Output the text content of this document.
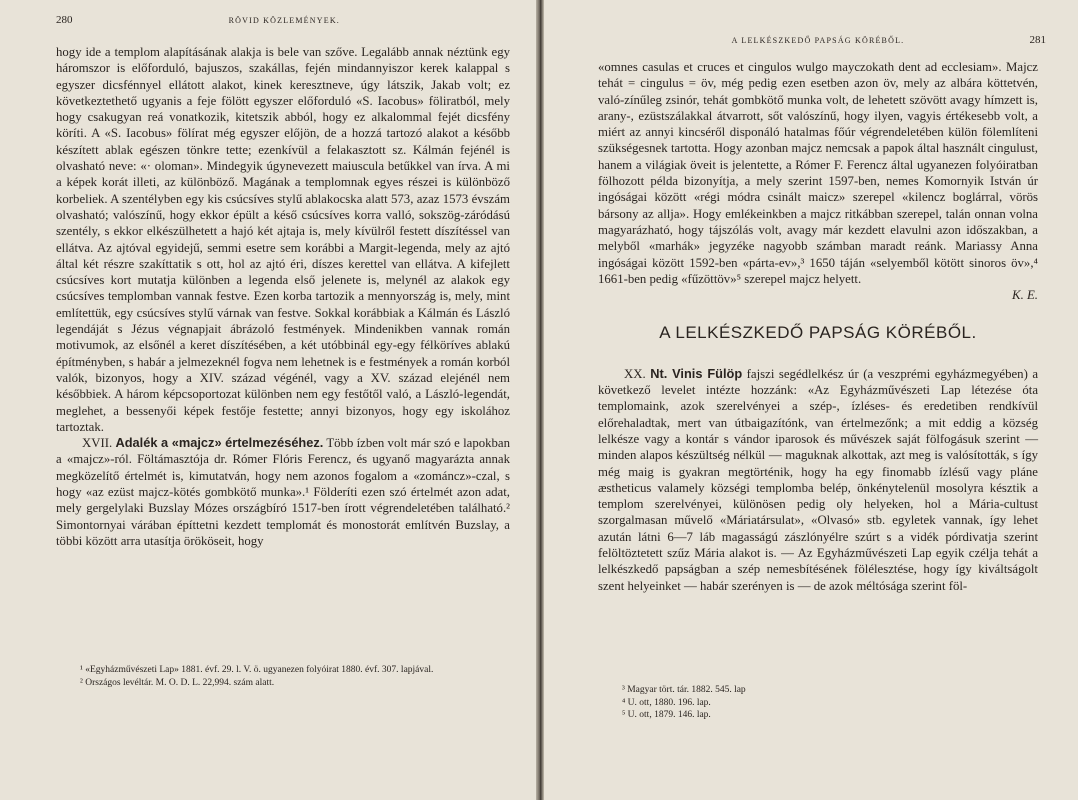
280	RÖVID KÖZLEMÉNYEK.

hogy ide a templom alapításának alakja is bele van szőve. Legalább annak néztünk egy háromszor is előforduló, bajuszos, szakállas, fején mindannyiszor kerek kalappal s egyszer dicsfénnyel ellátott alakot, kinek keresztneve, úgy látszik, Jakab volt; ez következtethető ugyanis a feje fölött egyszer előforduló «S. Iacobus» föliratból, mely hogy csakugyan reá vonatkozik, kitetszik abból, hogy ez alkalommal fejét dicsfény köríti. A «S. Iacobus» fölírat még egyszer előjön, de a hozzá tartozó alakot a később készített ablak egészen tönkre tette; ezenkívül a felakasztott sz. Kálmán fejénél is olvasható neve: «· oloman». Mindegyik úgynevezett maiuscula betűkkel van írva. A mi a képek korát illeti, az különböző. Magának a templomnak egyes részei is különböző korbeliek. A szentélyben egy kis csúcsíves stylű ablakocska alatt 573, azaz 1573 évszám olvasható; valószínű, hogy ekkor épült a késő csúcsíves korra valló, sokszög-záródású szentély, s ekkor elkészülhetett a hajó két ajtaja is, mely kívülről festett díszítéssel van ellátva. Az ajtóval egyidejű, semmi esetre sem korábbi a Margit-legenda, mely az ajtó által két részre szakíttatik s ott, hol az ajtó éri, díszes kerettel van ellátva. A kifejlett csúcsíves kort mutatja különben a legenda első jelenete is, melynél az alakok egy csúcsíves templomban vannak festve. Ezen korba tartozik a mennyország is, mely, mint említettük, egy csúcsíves stylű várnak van festve. Sokkal korábbiak a Kálmán és László legendáját s Jézus végnapjait ábrázoló festmények. Mindenikben vannak román motivumok, az elsőnél a keret díszítésében, a két utóbbinál egy-egy félköríves ablakú építményben, s habár a jelmezeknél fogva nem lehetnek is e festmények a román korból valók, bizonyos, hogy a XIV. század végénél, vagy a XV. század elejénél nem későbbiek. A három képcsoportozat különben nem egy festőtől való, a László-legendát, meglehet, a bessenyői képek festője festette; annyi bizonyos, hogy egy iskolához tartoztak.

XVII. Adalék a «majcz» értelmezéséhez. Több ízben volt már szó e lapokban a «majcz»-ról. Föltámasztója dr. Rómer Flóris Ferencz, és ugyanő magyarázta annak megközelítő értelmét is, kimutatván, hogy nem azonos fogalom a «zománcz»-czal, s hogy «az ezüst majcz-kötés gombkötő munka».¹ Földeríti ezen szó értelmét azon adat, mely gergelylaki Buzslay Mózes országbíró 1517-ben írott végrendeletében található.² Simontornyai várában építtetni kezdett templomát és monostorát említvén Buzslay, a többi között arra utasítja örököseit, hogy

¹ «Egyházművészeti Lap» 1881. évf. 29. l. V. ö. ugyanezen folyóirat 1880. évf. 307. lapjával.

² Országos levéltár. M. O. D. L. 22,994. szám alatt.

A LELKÉSZKEDŐ PAPSÁG KÖRÉBŐL.	281

«omnes casulas et cruces et cingulos wulgo mayczokath dent ad ecclesiam». Majcz tehát = cingulus = öv, még pedig ezen esetben azon öv, mely az albára köttetvén, való-zínűleg zsinór, tehát gombkötő munka volt, de lehetett szövött avagy hímzett is, arany-, ezüstszálakkal átvarrott, sőt valószínű, hogy ilyen, vagyis értékesebb volt, a miért az annyi kincséről disponáló hatalmas főúr végrendeletében külön fölemlíteni szükségesnek tartotta. Hogy azonban majcz nemcsak a papok által használt cingulust, hanem a világiak öveit is jelentette, a Rómer F. Ferencz által ugyanezen folyóiratban fölhozott példa bizonyítja, a mely szerint 1597-ben, nemes Komornyik István úr ingóságai között «régi módra csinált maicz» szerepel «kilencz boglárral, vörös bársony az allja». Hogy emlékeinkben a majcz ritkábban szerepel, talán onnan volna magyarázható, hogy tájszólás volt, avagy már kezdett elavulni azon időszakban, a melyből «marhák» jegyzéke nagyobb számban maradt reánk. Mariassy Anna ingóságai között 1592-ben «párta-ev»,³ 1650 táján «selyemből kötött sinoros öv»,⁴ 1661-ben pedig «fűzöttöv»⁵ szerepel majcz helyett.

K. E.

A LELKÉSZKEDŐ PAPSÁG KÖRÉBŐL.

XX. Nt. Vinis Fülöp fajszi segédlelkész úr (a veszprémi egyházmegyében) a következő levelet intézte hozzánk: «Az Egyházművészeti Lap létezése óta templomaink, azok szerelvényei a szép-, ízléses- és eredetiben rendkívül előrehaladtak, mert van útbaigazítónk, van értelmezőnk; a mit eddig a község lelkésze vagy a kontár s vándor iparosok és művészek saját fölfogásuk szerint — minden alapos készültség nélkül — maguknak alkottak, azt meg is valósították, s így még maig is gyakran megtörténik, hogy ha egy finomabb ízlésű vagy pláne æstheticus valamely községi templomba belép, önkénytelenül mosolyra késztik a templom szerelvényei, különösen pedig oly helyeken, hol a Mária-cultust szorgalmasan művelő «Máriatársulat», «Olvasó» stb. egyletek vannak, így lehet azután látni 6—7 láb magasságú zászlónyélre szúrt s a vidék pórdivatja szerint felöltöztetett szűz Mária alakot is. — Az Egyházművészeti Lap egyik czélja tehát a lelkészkedő papságban a szép nemesbítésének fölélesztése, hogy így kiváltságolt szent helyeinket — habár szerényen is — de azok méltósága szerint föl-

³ Magyar tört. tár. 1882. 545. lap

⁴ U. ott, 1880. 196. lap.

⁵ U. ott, 1879. 146. lap.
